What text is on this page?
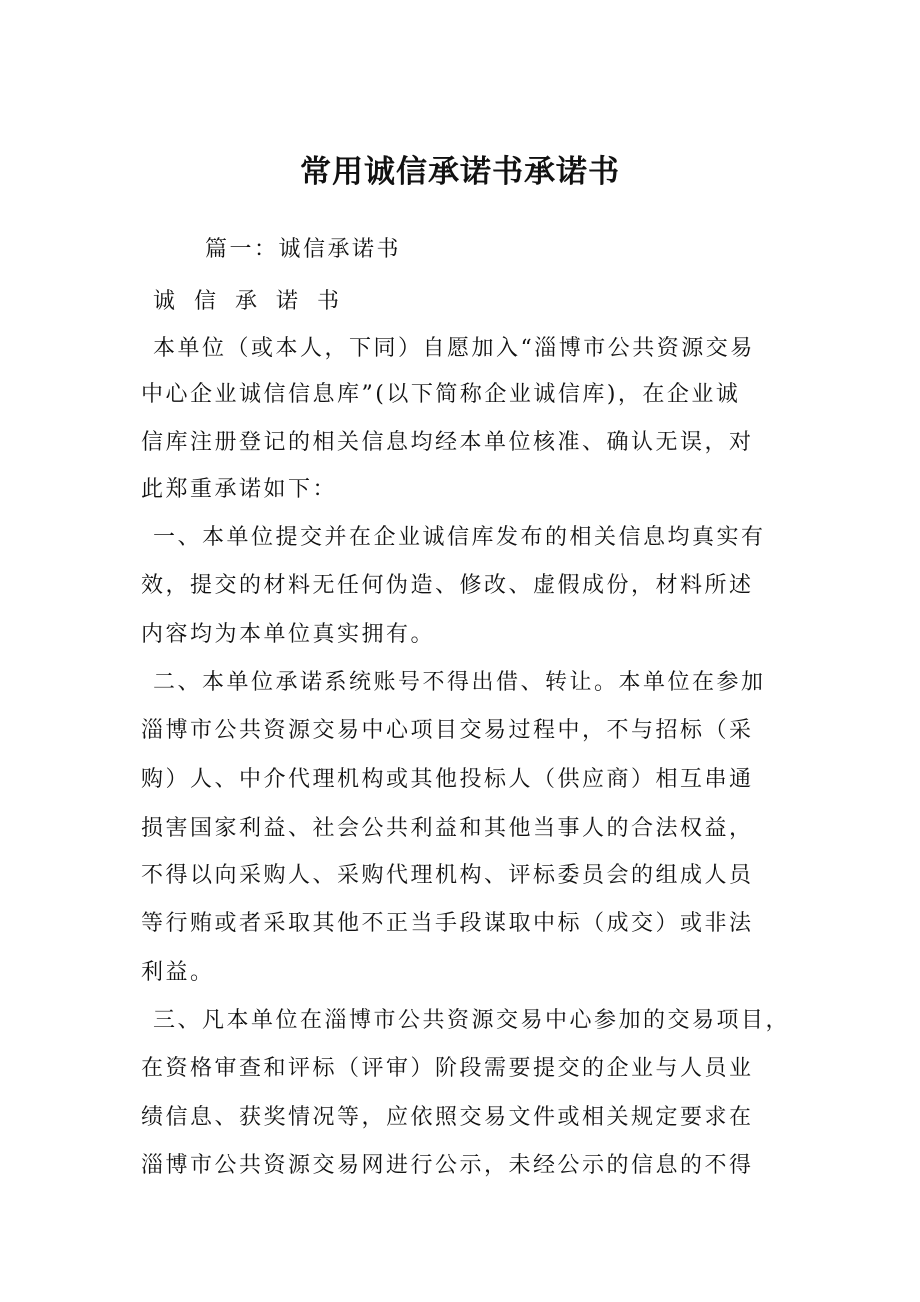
常用诚信承诺书承诺书

篇一：诚信承诺书

诚 信 承 诺 书

本单位（或本人，下同）自愿加入“淄博市公共资源交易

中心企业诚信信息库”(以下简称企业诚信库)，在企业诚

信库注册登记的相关信息均经本单位核准、确认无误，对

此郑重承诺如下：

一、本单位提交并在企业诚信库发布的相关信息均真实有

效，提交的材料无任何伪造、修改、虚假成份，材料所述

内容均为本单位真实拥有。

二、本单位承诺系统账号不得出借、转让。本单位在参加

淄博市公共资源交易中心项目交易过程中，不与招标（采

购）人、中介代理机构或其他投标人（供应商）相互串通

损害国家利益、社会公共利益和其他当事人的合法权益，

不得以向采购人、采购代理机构、评标委员会的组成人员

等行贿或者采取其他不正当手段谋取中标（成交）或非法

利益。

三、凡本单位在淄博市公共资源交易中心参加的交易项目，

在资格审查和评标（评审）阶段需要提交的企业与人员业

绩信息、获奖情况等，应依照交易文件或相关规定要求在

淄博市公共资源交易网进行公示，未经公示的信息的不得
